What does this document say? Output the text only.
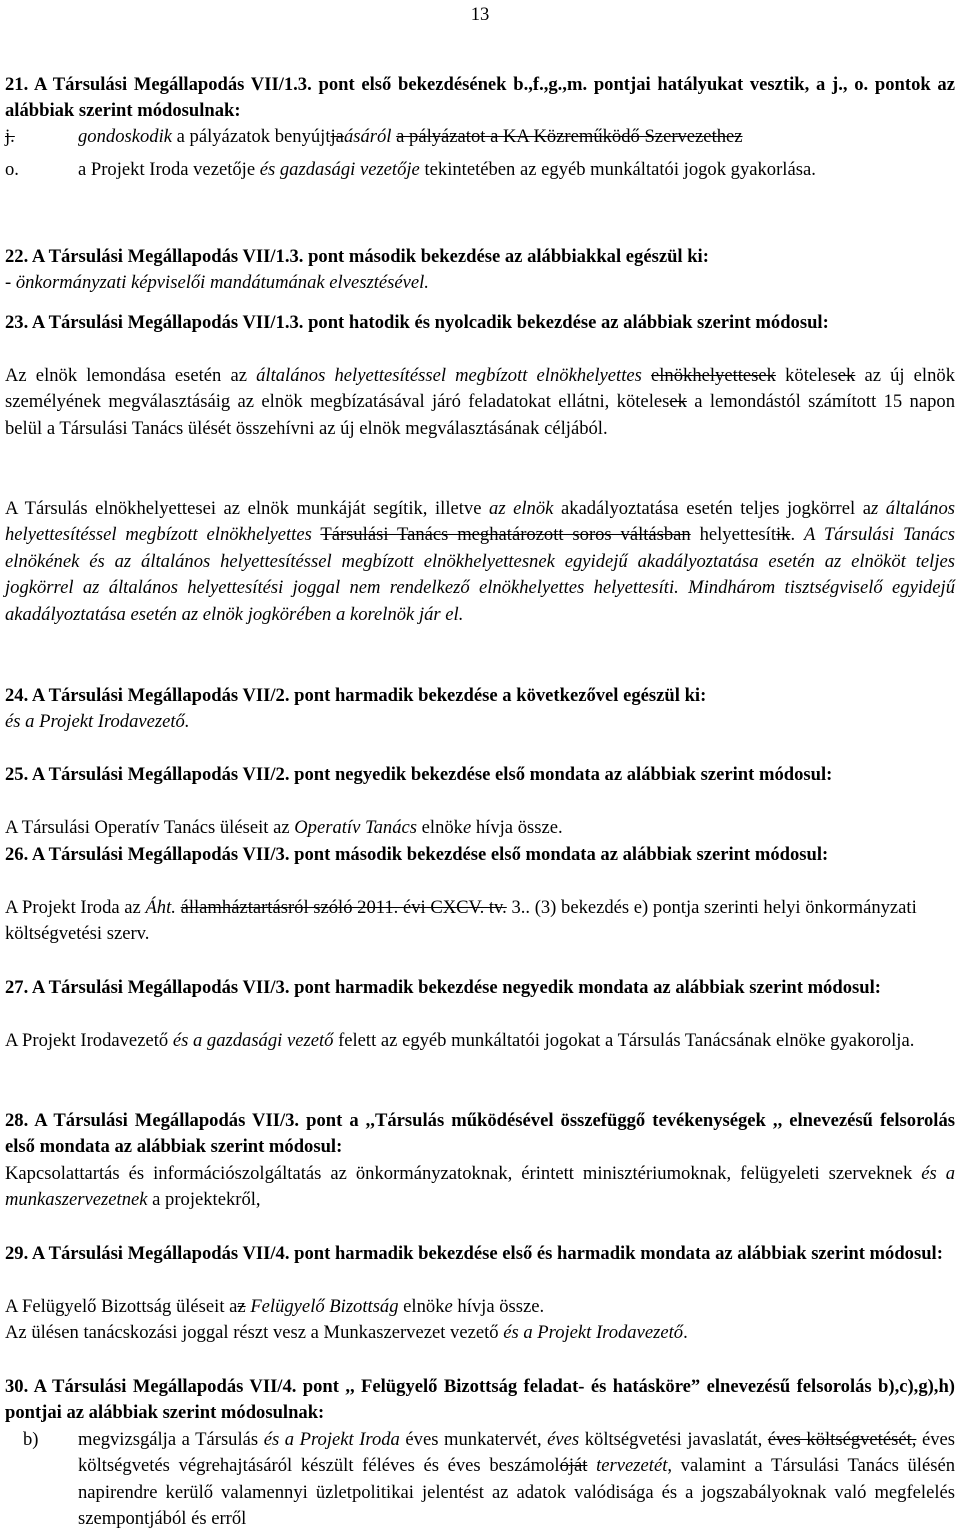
13
21. A Társulási Megállapodás VII/1.3. pont első bekezdésének b.,f.,g.,m. pontjai hatályukat vesztik, a j., o. pontok az alábbiak szerint módosulnak:
j.	gondoskodik a pályázatok benyújtjaásáról a pályázatot a KA Közreműködő Szervezethez
o.	a Projekt Iroda vezetője és gazdasági vezetője tekintetében az egyéb munkáltatói jogok gyakorlása.
22. A Társulási Megállapodás VII/1.3. pont második bekezdése az alábbiakkal egészül ki:
- önkormányzati képviselői mandátumának elvesztésével.
23. A Társulási Megállapodás VII/1.3. pont hatodik és nyolcadik bekezdése az alábbiak szerint módosul:

Az elnök lemondása esetén az általános helyettesítéssel megbízott elnökhelyettes elnökhelyettesek kötelesek az új elnök személyének megválasztásáig az elnök megbízatásával járó feladatokat ellátni, kötelesek a lemondástól számított 15 napon belül a Társulási Tanács ülését összehívni az új elnök megválasztásának céljából.

A Társulás elnökhelyettesei az elnök munkáját segítik, illetve az elnök akadályoztatása esetén teljes jogkörrel az általános helyettesítéssel megbízott elnökhelyettes Társulási Tanács meghatározott soros váltásban helyettesítik. A Társulási Tanács elnökének és az általános helyettesítéssel megbízott elnökhelyettesnek egyidejű akadályoztatása esetén az elnököt teljes jogkörrel az általános helyettesítési joggal nem rendelkező elnökhelyettes helyettesíti. Mindhárom tisztségviselő egyidejű akadályoztatása esetén az elnök jogkörében a korelnök jár el.

24. A Társulási Megállapodás VII/2. pont harmadik bekezdése a következővel egészül ki:
és a Projekt Irodavezető.
25. A Társulási Megállapodás VII/2. pont negyedik bekezdése első mondata az alábbiak szerint módosul:
A Társulási Operatív Tanács üléseit az Operatív Tanács elnöke hívja össze.
26. A Társulási Megállapodás VII/3. pont második bekezdése első mondata az alábbiak szerint módosul:

A Projekt Iroda az Áht. államháztartásról szóló 2011. évi CXCV. tv. 3.. (3) bekezdés e) pontja szerinti helyi önkormányzati költségvetési szerv.

27. A Társulási Megállapodás VII/3. pont harmadik bekezdése negyedik mondata az alábbiak szerint módosul:

A Projekt Irodavezető és a gazdasági vezető felett az egyéb munkáltatói jogokat a Társulás Tanácsának elnöke gyakorolja.

28. A Társulási Megállapodás VII/3. pont a ,,Társulás működésével összefüggő tevékenységek ,, elnevezésű felsorolás első mondata az alábbiak szerint módosul:

Kapcsolattartás és információszolgáltatás az önkormányzatoknak, érintett minisztériumoknak, felügyeleti szerveknek és a munkaszervezetnek a projektekről,

29. A Társulási Megállapodás VII/4. pont harmadik bekezdése első és harmadik mondata az alábbiak szerint módosul:
A Felügyelő Bizottság üléseit az Felügyelő Bizottság elnöke hívja össze.
Az ülésen tanácskozási joggal részt vesz a Munkaszervezet vezető és a Projekt Irodavezető.
30. A Társulási Megállapodás VII/4. pont ,, Felügyelő Bizottság feladat- és hatásköre” elnevezésű felsorolás b),c),g),h) pontjai az alábbiak szerint módosulnak:
b) megvizsgálja a Társulás és a Projekt Iroda éves munkatervét, éves költségvetési javaslatát, éves költségvetését, éves költségvetés végrehajtásáról készült féléves és éves beszámolóját tervezetét, valamint a Társulási Tanács ülésén napirendre kerülő valamennyi üzletpolitikai jelentést az adatok valódisága és a jogszabályoknak való megfelelés szempontjából és erről
